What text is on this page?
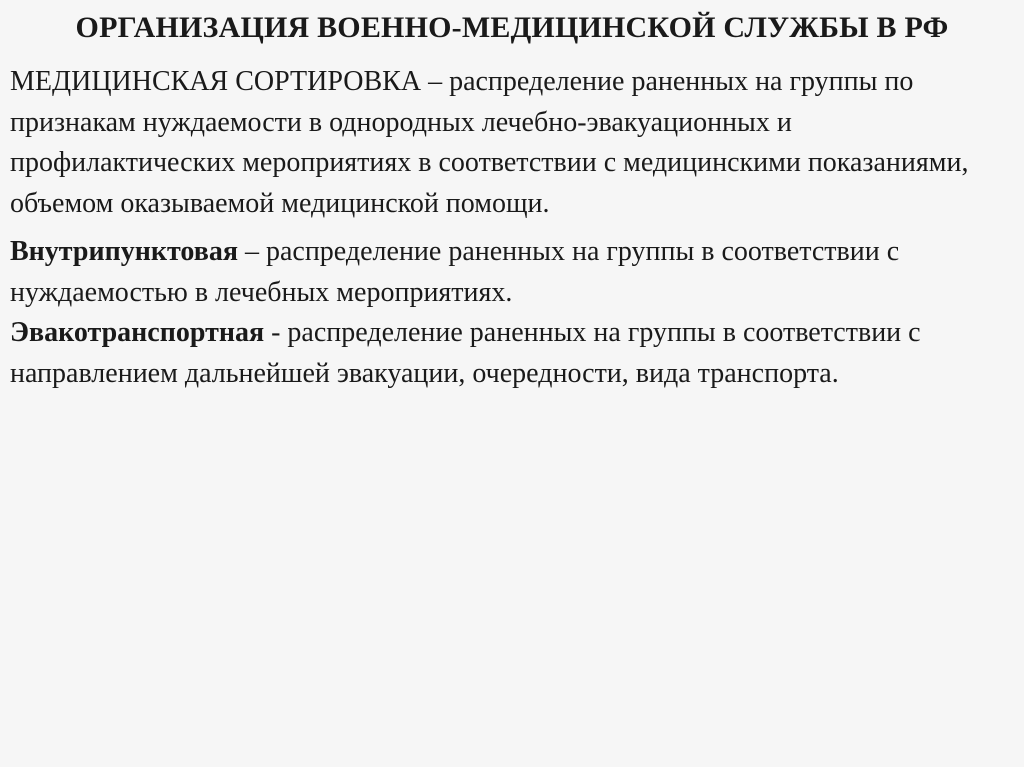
ОРГАНИЗАЦИЯ ВОЕННО-МЕДИЦИНСКОЙ СЛУЖБЫ В РФ

МЕДИЦИНСКАЯ СОРТИРОВКА – распределение раненных на группы по признакам нуждаемости в однородных лечебно-эвакуационных и профилактических мероприятиях в соответствии с медицинскими показаниями, объемом оказываемой медицинской помощи.

Внутрипунктовая – распределение раненных на группы в соответствии с нуждаемостью в лечебных мероприятиях.

Эвакотранспортная - распределение раненных на группы в соответствии с направлением дальнейшей эвакуации, очередности, вида транспорта.
